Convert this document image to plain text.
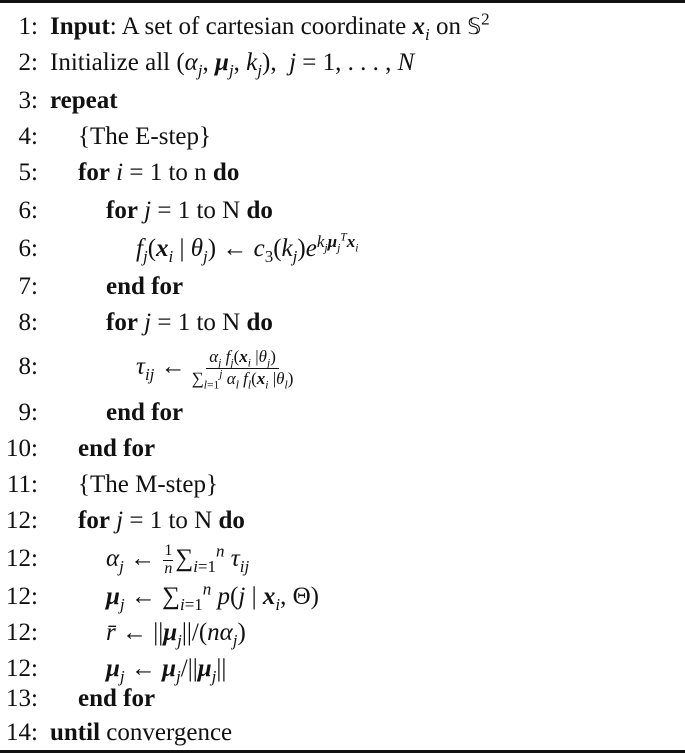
1: Input: A set of cartesian coordinate $x_i$ on 𝕊$^2$
2: Initialize all ($\alpha_j$, $\mu_j$, $k_j$),  j = 1, . . . , N
3: repeat
4: {The E-step}
5: for i = 1 to n do
6:	for j = 1 to N do
6:	$f_j(x_i$ | $\theta_j$) ← $c_3(k_j)e^{k_j\mu_j^Tx_i}$
7:	end for
8:	for j = 1 to N do
8:	$\tau_{ij}$ ← $\frac{\alpha_j f_j(x_i |\theta_j)}{\sum_{l=1}^j \alpha_l f_l(x_i |\theta_l)}$
9:	end for
10: end for
11: {The M-step}
12: for j = 1 to N do
12:	$\alpha_j$ ← $\frac{1}{n} \sum_{i=1}^n$ $\tau_{ij}$
12:	$\mu_j$ ← $\sum_{i=1}^n$ p(j | $x_i$, Θ)
12:	r̄ ← $||\mu_j||/(n\alpha_j)$
12:	$\mu_j$ ← $\mu_j/||\mu_j||$
13: end for
14: until convergence
